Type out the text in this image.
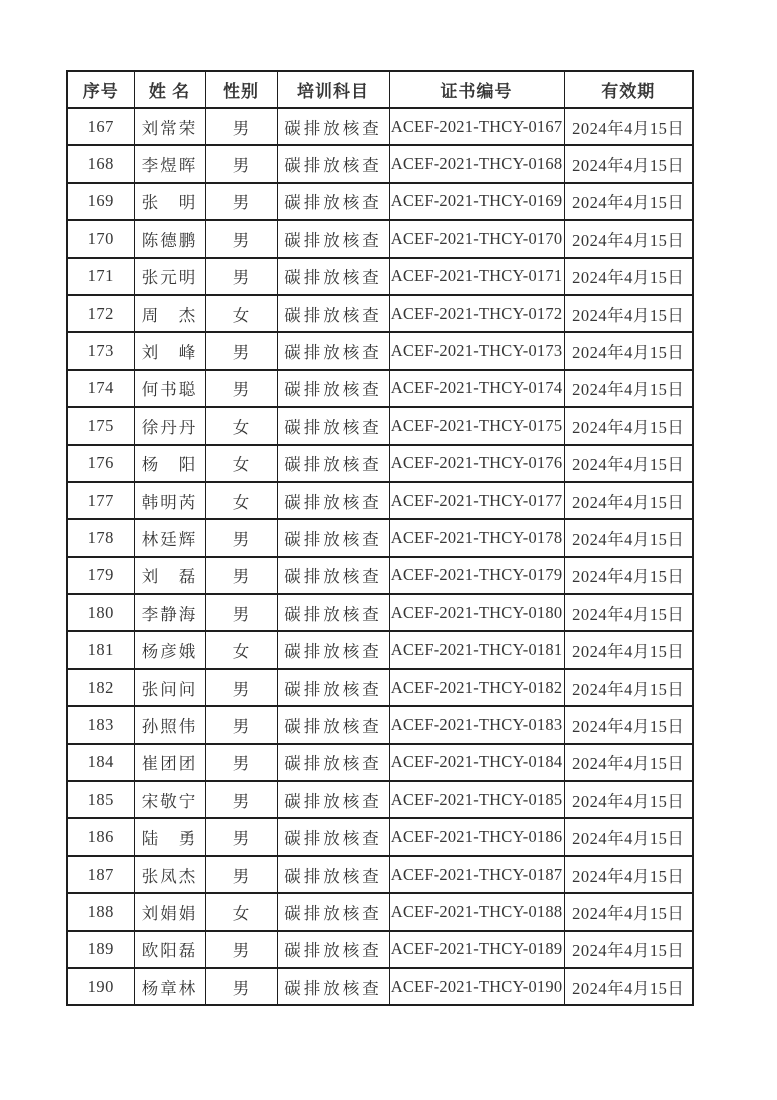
序号	姓 名	性别	培训科目	证书编号	有效期
167	刘常荣	男	碳排放核查	ACEF-2021-THCY-0167	2024年4月15日
168	李煜晖	男	碳排放核查	ACEF-2021-THCY-0168	2024年4月15日
169	张　明	男	碳排放核查	ACEF-2021-THCY-0169	2024年4月15日
170	陈德鹏	男	碳排放核查	ACEF-2021-THCY-0170	2024年4月15日
171	张元明	男	碳排放核查	ACEF-2021-THCY-0171	2024年4月15日
172	周　杰	女	碳排放核查	ACEF-2021-THCY-0172	2024年4月15日
173	刘　峰	男	碳排放核查	ACEF-2021-THCY-0173	2024年4月15日
174	何书聪	男	碳排放核查	ACEF-2021-THCY-0174	2024年4月15日
175	徐丹丹	女	碳排放核查	ACEF-2021-THCY-0175	2024年4月15日
176	杨　阳	女	碳排放核查	ACEF-2021-THCY-0176	2024年4月15日
177	韩明芮	女	碳排放核查	ACEF-2021-THCY-0177	2024年4月15日
178	林廷辉	男	碳排放核查	ACEF-2021-THCY-0178	2024年4月15日
179	刘　磊	男	碳排放核查	ACEF-2021-THCY-0179	2024年4月15日
180	李静海	男	碳排放核查	ACEF-2021-THCY-0180	2024年4月15日
181	杨彦娥	女	碳排放核查	ACEF-2021-THCY-0181	2024年4月15日
182	张问问	男	碳排放核查	ACEF-2021-THCY-0182	2024年4月15日
183	孙照伟	男	碳排放核查	ACEF-2021-THCY-0183	2024年4月15日
184	崔团团	男	碳排放核查	ACEF-2021-THCY-0184	2024年4月15日
185	宋敬宁	男	碳排放核查	ACEF-2021-THCY-0185	2024年4月15日
186	陆　勇	男	碳排放核查	ACEF-2021-THCY-0186	2024年4月15日
187	张凤杰	男	碳排放核查	ACEF-2021-THCY-0187	2024年4月15日
188	刘娟娟	女	碳排放核查	ACEF-2021-THCY-0188	2024年4月15日
189	欧阳磊	男	碳排放核查	ACEF-2021-THCY-0189	2024年4月15日
190	杨章林	男	碳排放核查	ACEF-2021-THCY-0190	2024年4月15日
